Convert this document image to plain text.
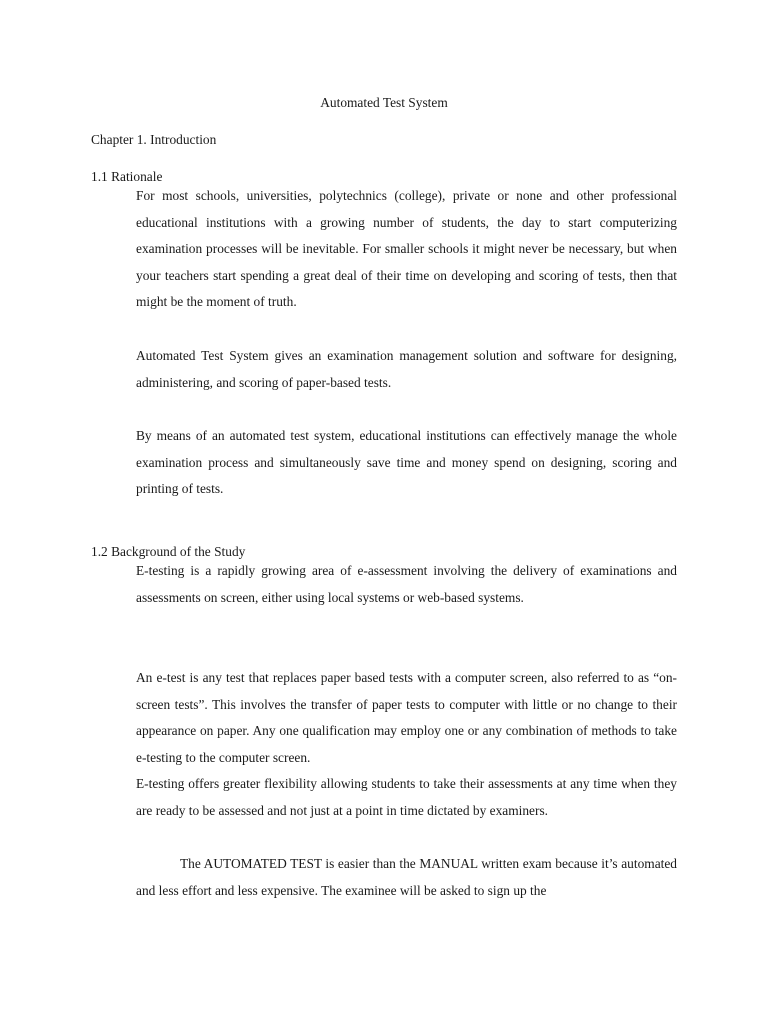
Automated Test System
Chapter 1. Introduction
1.1 Rationale

For most schools, universities, polytechnics (college), private or none and other professional educational institutions with a growing number of students, the day to start computerizing examination processes will be inevitable. For smaller schools it might never be necessary, but when your teachers start spending a great deal of their time on developing and scoring of tests, then that might be the moment of truth.

Automated Test System gives an examination management solution and software for designing, administering, and scoring of paper-based tests.

By means of an automated test system, educational institutions can effectively manage the whole examination process and simultaneously save time and money spend on designing, scoring and printing of tests.

1.2 Background of the Study

E-testing is a rapidly growing area of e-assessment involving the delivery of examinations and assessments on screen, either using local systems or web-based systems.

An e-test is any test that replaces paper based tests with a computer screen, also referred to as “on-screen tests”. This involves the transfer of paper tests to computer with little or no change to their appearance on paper. Any one qualification may employ one or any combination of methods to take e-testing to the computer screen.

E-testing offers greater flexibility allowing students to take their assessments at any time when they are ready to be assessed and not just at a point in time dictated by examiners.

The AUTOMATED TEST is easier than the MANUAL written exam because it’s automated and less effort and less expensive. The examinee will be asked to sign up the
